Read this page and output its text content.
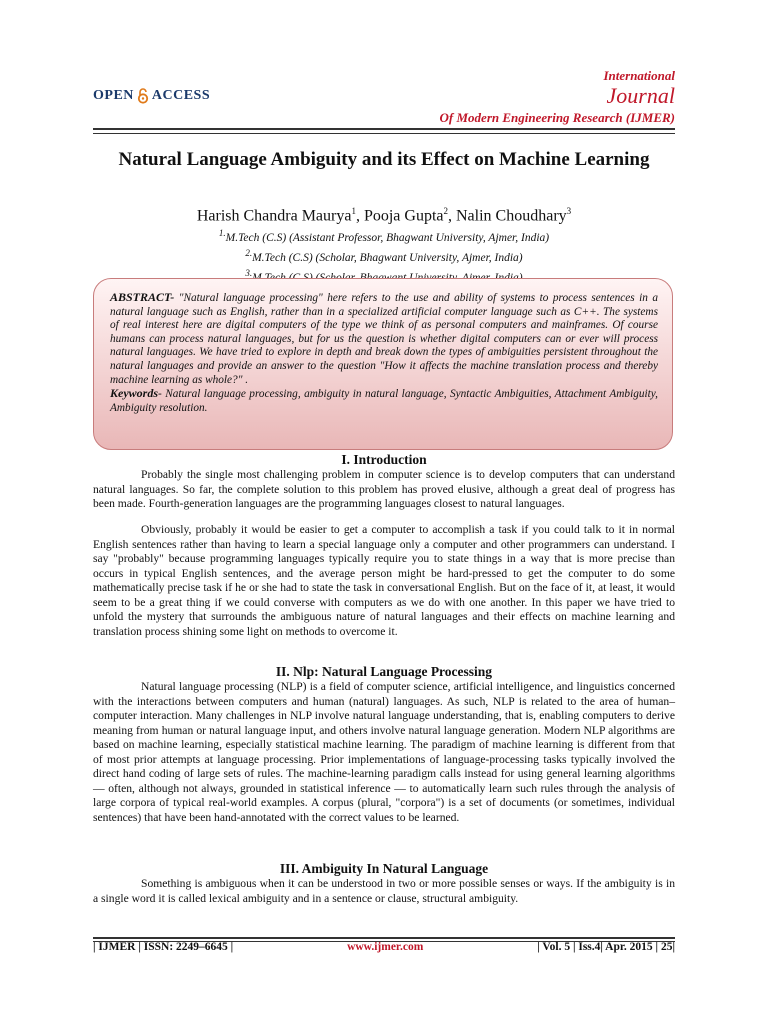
OPEN ACCESS
International
Journal
Of Modern Engineering Research (IJMER)
Natural Language Ambiguity and its Effect on Machine Learning
Harish Chandra Maurya$^1$, Pooja Gupta$^2$, Nalin Choudhary$^3$
$^{1.}$M.Tech (C.S) (Assistant Professor, Bhagwant University, Ajmer, India)
$^{2.}$M.Tech (C.S) (Scholar, Bhagwant University, Ajmer, India)
$^{3.}$
ABSTRACT- "Natural language processing" here refers to the use and ability of systems to process sentences in a natural language such as English, rather than in a specialized artificial computer language such as C++. The systems of real interest here are digital computers of the type we think of as personal computers and mainframes. Of course humans can process natural languages, but for us the question is whether digital computers can or ever will process natural languages. We have tried to explore in depth and break down the types of ambiguities persistent throughout the natural languages and provide an answer to the question "How it affects the machine translation process and thereby machine learning as whole?" .
Keywords- Natural language processing, ambiguity in natural language, Syntactic Ambiguities, Attachment Ambiguity, Ambiguity resolution.
I. Introduction

Probably the single most challenging problem in computer science is to develop computers that can understand natural languages. So far, the complete solution to this problem has proved elusive, although a great deal of progress has been made. Fourth-generation languages are the programming languages closest to natural languages.

Obviously, probably it would be easier to get a computer to accomplish a task if you could talk to it in normal English sentences rather than having to learn a special language only a computer and other programmers can understand. I say "probably" because programming languages typically require you to state things in a way that is more precise than occurs in typical English sentences, and the average person might be hard-pressed to get the computer to do some mathematically precise task if he or she had to state the task in conversational English. But on the face of it, at least, it would seem to be a great thing if we could converse with computers as we do with one another. In this paper we have tried to unfold the mystery that surrounds the ambiguous nature of natural languages and their effects on machine learning and translation process shining some light on methods to overcome it.

II. Nlp: Natural Language Processing

Natural language processing (NLP) is a field of computer science, artificial intelligence, and linguistics concerned with the interactions between computers and human (natural) languages. As such, NLP is related to the area of human–computer interaction. Many challenges in NLP involve natural language understanding, that is, enabling computers to derive meaning from human or natural language input, and others involve natural language generation. Modern NLP algorithms are based on machine learning, especially statistical machine learning. The paradigm of machine learning is different from that of most prior attempts at language processing. Prior implementations of language-processing tasks typically involved the direct hand coding of large sets of rules. The machine-learning paradigm calls instead for using general learning algorithms — often, although not always, grounded in statistical inference — to automatically learn such rules through the analysis of large corpora of typical real-world examples. A corpus (plural, "corpora") is a set of documents (or sometimes, individual sentences) that have been hand-annotated with the correct values to be learned.

III. Ambiguity In Natural Language

Something is ambiguous when it can be understood in two or more possible senses or ways. If the ambiguity is in a single word it is called lexical ambiguity and in a sentence or clause, structural ambiguity.

| IJMER | ISSN: 2249–6645 |	www.ijmer.com	| Vol. 5 | Iss.4| Apr. 2015 | 25|
